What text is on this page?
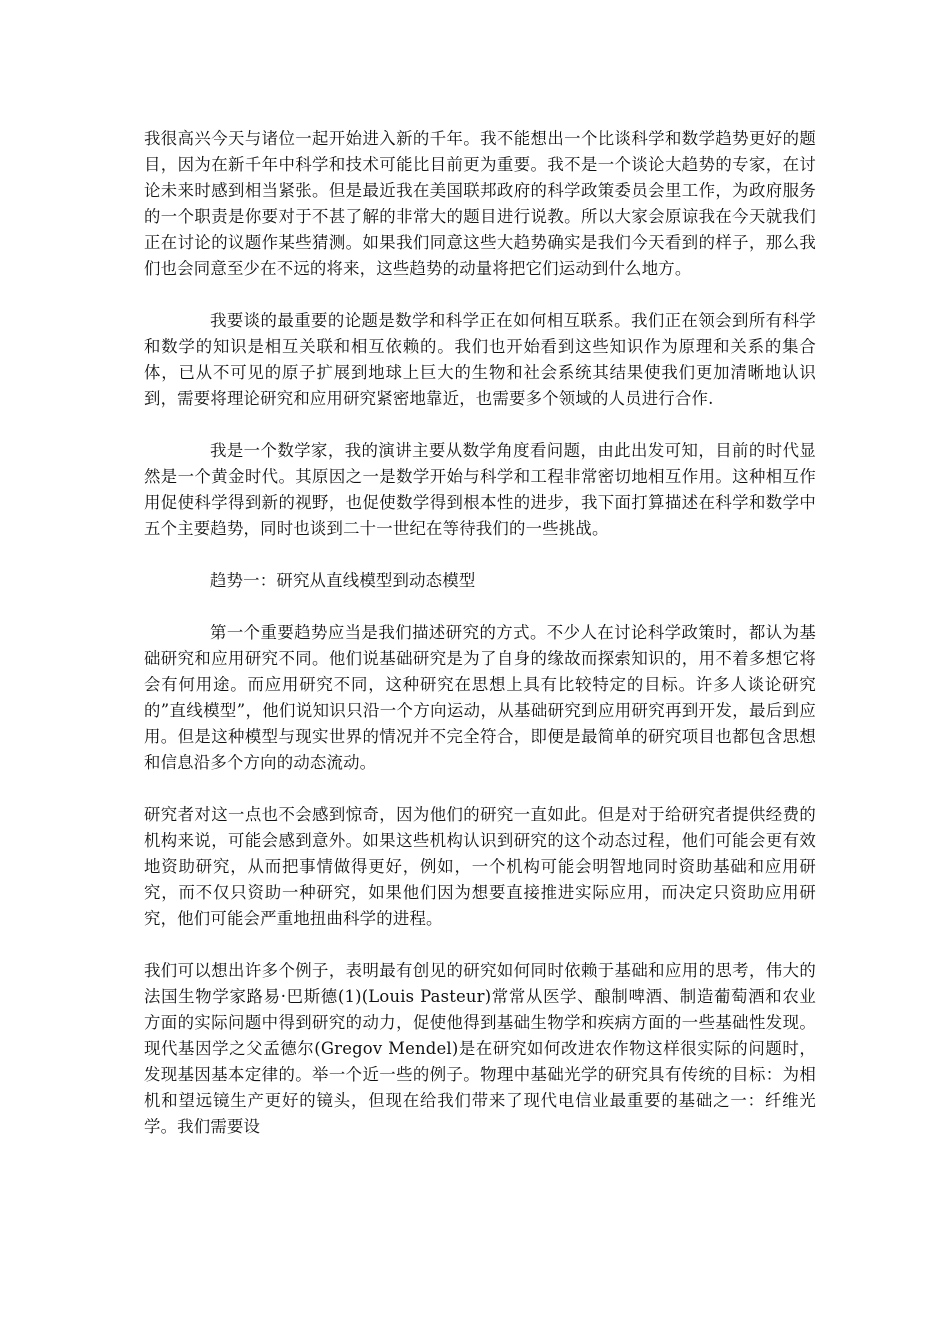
我很高兴今天与诸位一起开始进入新的千年。我不能想出一个比谈科学和数学趋势更好的题目，因为在新千年中科学和技术可能比目前更为重要。我不是一个谈论大趋势的专家，在讨论未来时感到相当紧张。但是最近我在美国联邦政府的科学政策委员会里工作，为政府服务的一个职责是你要对于不甚了解的非常大的题目进行说教。所以大家会原谅我在今天就我们正在讨论的议题作某些猜测。如果我们同意这些大趋势确实是我们今天看到的样子，那么我们也会同意至少在不远的将来，这些趋势的动量将把它们运动到什么地方。

我要谈的最重要的论题是数学和科学正在如何相互联系。我们正在领会到所有科学和数学的知识是相互关联和相互依赖的。我们也开始看到这些知识作为原理和关系的集合体，已从不可见的原子扩展到地球上巨大的生物和社会系统其结果使我们更加清晰地认识到，需要将理论研究和应用研究紧密地靠近，也需要多个领域的人员进行合作.

我是一个数学家，我的演讲主要从数学角度看问题，由此出发可知，目前的时代显然是一个黄金时代。其原因之一是数学开始与科学和工程非常密切地相互作用。这种相互作用促使科学得到新的视野，也促使数学得到根本性的进步，我下面打算描述在科学和数学中五个主要趋势，同时也谈到二十一世纪在等待我们的一些挑战。

趋势一：研究从直线模型到动态模型

第一个重要趋势应当是我们描述研究的方式。不少人在讨论科学政策时，都认为基础研究和应用研究不同。他们说基础研究是为了自身的缘故而探索知识的，用不着多想它将会有何用途。而应用研究不同，这种研究在思想上具有比较特定的目标。许多人谈论研究的”直线模型”，他们说知识只沿一个方向运动，从基础研究到应用研究再到开发，最后到应用。但是这种模型与现实世界的情况并不完全符合，即便是最简单的研究项目也都包含思想和信息沿多个方向的动态流动。

研究者对这一点也不会感到惊奇，因为他们的研究一直如此。但是对于给研究者提供经费的机构来说，可能会感到意外。如果这些机构认识到研究的这个动态过程，他们可能会更有效地资助研究，从而把事情做得更好，例如，一个机构可能会明智地同时资助基础和应用研究，而不仅只资助一种研究，如果他们因为想要直接推进实际应用，而决定只资助应用研究，他们可能会严重地扭曲科学的进程。

我们可以想出许多个例子，表明最有创见的研究如何同时依赖于基础和应用的思考，伟大的法国生物学家路易·巴斯德(1)(Louis Pasteur)常常从医学、酿制啤酒、制造葡萄酒和农业方面的实际问题中得到研究的动力，促使他得到基础生物学和疾病方面的一些基础性发现。现代基因学之父孟德尔(Gregov Mendel)是在研究如何改进农作物这样很实际的问题时，发现基因基本定律的。举一个近一些的例子。物理中基础光学的研究具有传统的目标：为相机和望远镜生产更好的镜头，但现在给我们带来了现代电信业最重要的基础之一：纤维光学。我们需要设
